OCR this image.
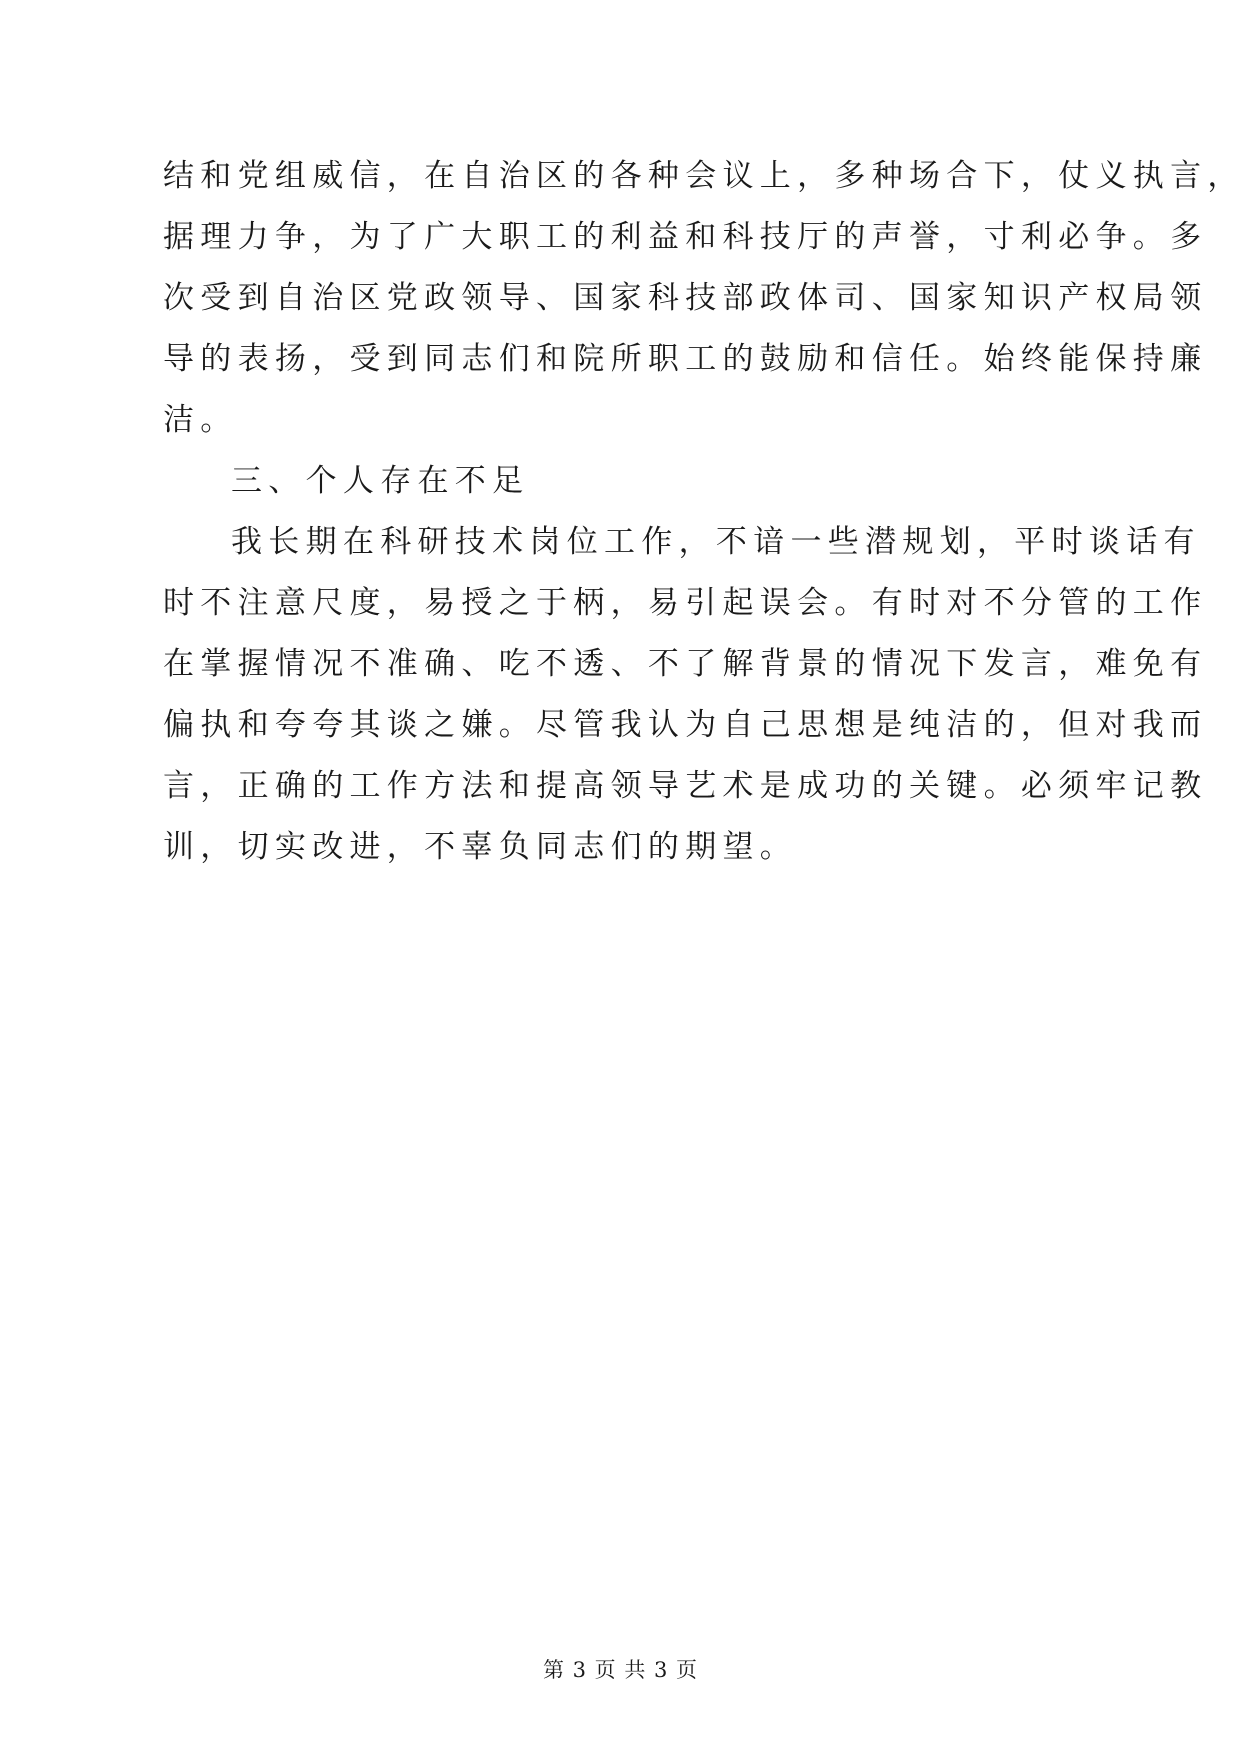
结和党组威信，在自治区的各种会议上，多种场合下，仗义执言，
据理力争，为了广大职工的利益和科技厅的声誉，寸利必争。多
次受到自治区党政领导、国家科技部政体司、国家知识产权局领
导的表扬，受到同志们和院所职工的鼓励和信任。始终能保持廉
洁。
三、个人存在不足
我长期在科研技术岗位工作，不谙一些潜规划，平时谈话有
时不注意尺度，易授之于柄，易引起误会。有时对不分管的工作
在掌握情况不准确、吃不透、不了解背景的情况下发言，难免有
偏执和夸夸其谈之嫌。尽管我认为自己思想是纯洁的，但对我而
言，正确的工作方法和提高领导艺术是成功的关键。必须牢记教
训，切实改进，不辜负同志们的期望。
第 3 页 共 3 页
